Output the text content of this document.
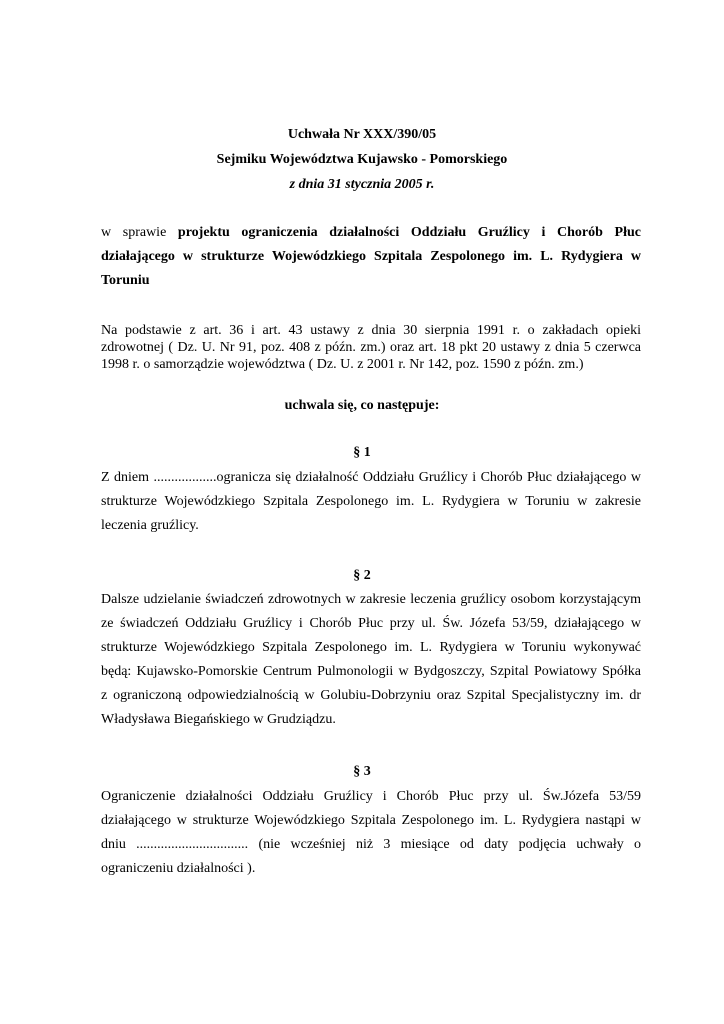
Uchwała Nr XXX/390/05
Sejmiku Województwa Kujawsko - Pomorskiego
z dnia 31 stycznia 2005 r.
w sprawie projektu ograniczenia działalności Oddziału Gruźlicy i Chorób Płuc
działającego w strukturze Wojewódzkiego Szpitala Zespolonego im. L. Rydygiera w
Toruniu
Na podstawie z art. 36 i art. 43 ustawy z dnia 30 sierpnia 1991 r. o zakładach opieki
zdrowotnej ( Dz. U. Nr 91, poz. 408 z późn. zm.) oraz art. 18 pkt 20 ustawy z dnia 5 czerwca
1998 r. o samorządzie województwa ( Dz. U. z 2001 r. Nr 142, poz. 1590 z późn. zm.)
uchwala się, co następuje:
§ 1
Z dniem ..................ogranicza się działalność Oddziału Gruźlicy i Chorób Płuc działającego w
strukturze Wojewódzkiego Szpitala Zespolonego im. L. Rydygiera w Toruniu w zakresie
leczenia gruźlicy.
§ 2
Dalsze udzielanie świadczeń zdrowotnych w zakresie leczenia gruźlicy osobom korzystającym
ze świadczeń Oddziału Gruźlicy i Chorób Płuc przy ul. Św. Józefa 53/59, działającego w
strukturze Wojewódzkiego Szpitala Zespolonego im. L. Rydygiera w Toruniu wykonywać
będą: Kujawsko-Pomorskie Centrum Pulmonologii w Bydgoszczy, Szpital Powiatowy Spółka
z ograniczoną odpowiedzialnością w Golubiu-Dobrzyniu oraz Szpital Specjalistyczny im. dr
Władysława Biegańskiego w Grudziądzu.
§ 3
Ograniczenie działalności Oddziału Gruźlicy i Chorób Płuc przy ul. Św.Józefa 53/59
działającego w strukturze Wojewódzkiego Szpitala Zespolonego im. L. Rydygiera nastąpi w
dniu ................................ (nie wcześniej niż 3 miesiące od daty podjęcia uchwały o
ograniczeniu działalności ).
